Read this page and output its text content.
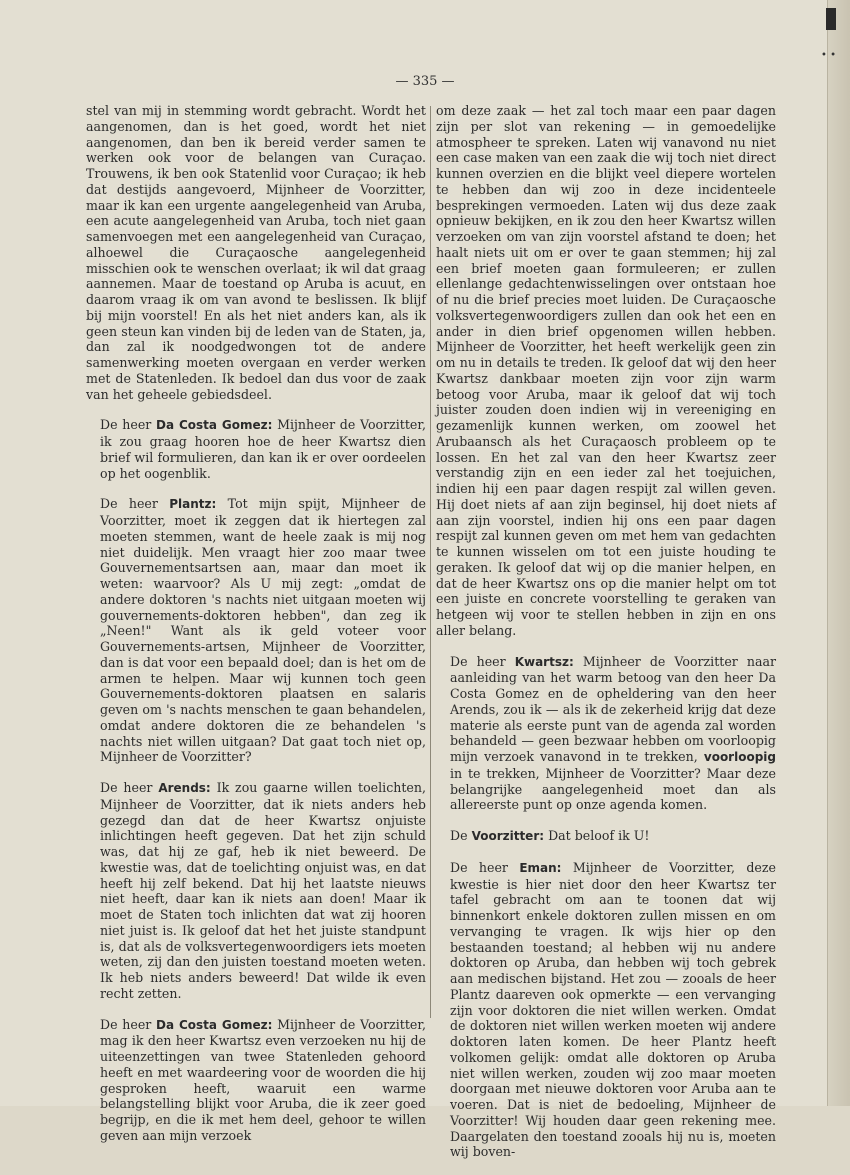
• •
— 335 —

stel van mij in stemming wordt gebracht. Wordt het aangenomen, dan is het goed, wordt het niet aangenomen, dan ben ik bereid verder samen te werken ook voor de belangen van Curaçao. Trouwens, ik ben ook Statenlid voor Curaçao; ik heb dat destijds aangevoerd, Mijnheer de Voorzitter, maar ik kan een urgente aangelegenheid van Aruba, een acute aangelegenheid van Aruba, toch niet gaan samenvoegen met een aangelegenheid van Curaçao, alhoewel die Curaçaosche aangelegenheid misschien ook te wenschen overlaat; ik wil dat graag aannemen. Maar de toestand op Aruba is acuut, en daarom vraag ik om van avond te beslissen. Ik blijf bij mijn voorstel! En als het niet anders kan, als ik geen steun kan vinden bij de leden van de Staten, ja, dan zal ik noodgedwongen tot de andere samenwerking moeten overgaan en verder werken met de Statenleden. Ik bedoel dan dus voor de zaak van het geheele gebiedsdeel.

De heer Da Costa Gomez: Mijnheer de Voorzitter, ik zou graag hooren hoe de heer Kwartsz dien brief wil formulieren, dan kan ik er over oordeelen op het oogenblik.

De heer Plantz: Tot mijn spijt, Mijnheer de Voorzitter, moet ik zeggen dat ik hiertegen zal moeten stemmen, want de heele zaak is mij nog niet duidelijk. Men vraagt hier zoo maar twee Gouvernementsartsen aan, maar dan moet ik weten: waarvoor? Als U mij zegt: „omdat de andere doktoren 's nachts niet uitgaan moeten wij gouvernements-doktoren hebben", dan zeg ik „Neen!" Want als ik geld voteer voor Gouvernements-artsen, Mijnheer de Voorzitter, dan is dat voor een bepaald doel; dan is het om de armen te helpen. Maar wij kunnen toch geen Gouvernements-doktoren plaatsen en salaris geven om 's nachts menschen te gaan behandelen, omdat andere doktoren die ze behandelen 's nachts niet willen uitgaan? Dat gaat toch niet op, Mijnheer de Voorzitter?

De heer Arends: Ik zou gaarne willen toelichten, Mijnheer de Voorzitter, dat ik niets anders heb gezegd dan dat de heer Kwartsz onjuiste inlichtingen heeft gegeven. Dat het zijn schuld was, dat hij ze gaf, heb ik niet beweerd. De kwestie was, dat de toelichting onjuist was, en dat heeft hij zelf bekend. Dat hij het laatste nieuws niet heeft, daar kan ik niets aan doen! Maar ik moet de Staten toch inlichten dat wat zij hooren niet juist is. Ik geloof dat het het juiste standpunt is, dat als de volksvertegenwoordigers iets moeten weten, zij dan den juisten toestand moeten weten. Ik heb niets anders beweerd! Dat wilde ik even recht zetten.

De heer Da Costa Gomez: Mijnheer de Voorzitter, mag ik den heer Kwartsz even verzoeken nu hij de uiteenzettingen van twee Statenleden gehoord heeft en met waardeering voor de woorden die hij gesproken heeft, waaruit een warme belangstelling blijkt voor Aruba, die ik zeer goed begrijp, en die ik met hem deel, gehoor te willen geven aan mijn verzoek

om deze zaak — het zal toch maar een paar dagen zijn per slot van rekening — in gemoedelijke atmospheer te spreken. Laten wij vanavond nu niet een case maken van een zaak die wij toch niet direct kunnen overzien en die blijkt veel dieperе wortelen te hebben dan wij zoo in deze incidenteele besprekingen vermoeden. Laten wij dus deze zaak opnieuw bekijken, en ik zou den heer Kwartsz willen verzoeken om van zijn voorstel afstand te doen; het haalt niets uit om er over te gaan stemmen; hij zal een brief moeten gaan formuleeren; er zullen ellenlange gedachtenwisselingen over ontstaan hoe of nu die brief precies moet luiden. De Curaçaosche volksvertegenwoordigers zullen dan ook het een en ander in dien brief opgenomen willen hebben. Mijnheer de Voorzitter, het heeft werkelijk geen zin om nu in details te treden. Ik geloof dat wij den heer Kwartsz dankbaar moeten zijn voor zijn warm betoog voor Aruba, maar ik geloof dat wij toch juister zouden doen indien wij in vereeniging en gezamenlijk kunnen werken, om zoowel het Arubaansch als het Curaçaosch probleem op te lossen. En het zal van den heer Kwartsz zeer verstandig zijn en een ieder zal het toejuichen, indien hij een paar dagen respijt zal willen geven. Hij doet niets af aan zijn beginsel, hij doet niets af aan zijn voorstel, indien hij ons een paar dagen respijt zal kunnen geven om met hem van gedachten te kunnen wisselen om tot een juiste houding te geraken. Ik geloof dat wij op die manier helpen, en dat de heer Kwartsz ons op die manier helpt om tot een juiste en concrete voorstelling te geraken van hetgeen wij voor te stellen hebben in zijn en ons aller belang.

De heer Kwartsz: Mijnheer de Voorzitter naar aanleiding van het warm betoog van den heer Da Costa Gomez en de opheldering van den heer Arends, zou ik — als ik de zekerheid krijg dat deze materie als eerste punt van de agenda zal worden behandeld — geen bezwaar hebben om voorloopig mijn verzoek vanavond in te trekken, voorloopig in te trekken, Mijnheer de Voorzitter? Maar deze belangrijke aangelegenheid moet dan als allereerste punt op onze agenda komen.

De Voorzitter: Dat beloof ik U!

De heer Eman: Mijnheer de Voorzitter, deze kwestie is hier niet door den heer Kwartsz ter tafel gebracht om aan te toonen dat wij binnenkort enkele doktoren zullen missen en om vervanging te vragen. Ik wijs hier op den bestaanden toestand; al hebben wij nu andere doktoren op Aruba, dan hebben wij toch gebrek aan medischen bijstand. Het zou — zooals de heer Plantz daareven ook opmerkte — een vervanging zijn voor doktoren die niet willen werken. Omdat de doktoren niet willen werken moeten wij andere doktoren laten komen. De heer Plantz heeft volkomen gelijk: omdat alle doktoren op Aruba niet willen werken, zouden wij zoo maar moeten doorgaan met nieuwe doktoren voor Aruba aan te voeren. Dat is niet de bedoeling, Mijnheer de Voorzitter! Wij houden daar geen rekening mee. Daargelaten den toestand zooals hij nu is, moeten wij boven-
